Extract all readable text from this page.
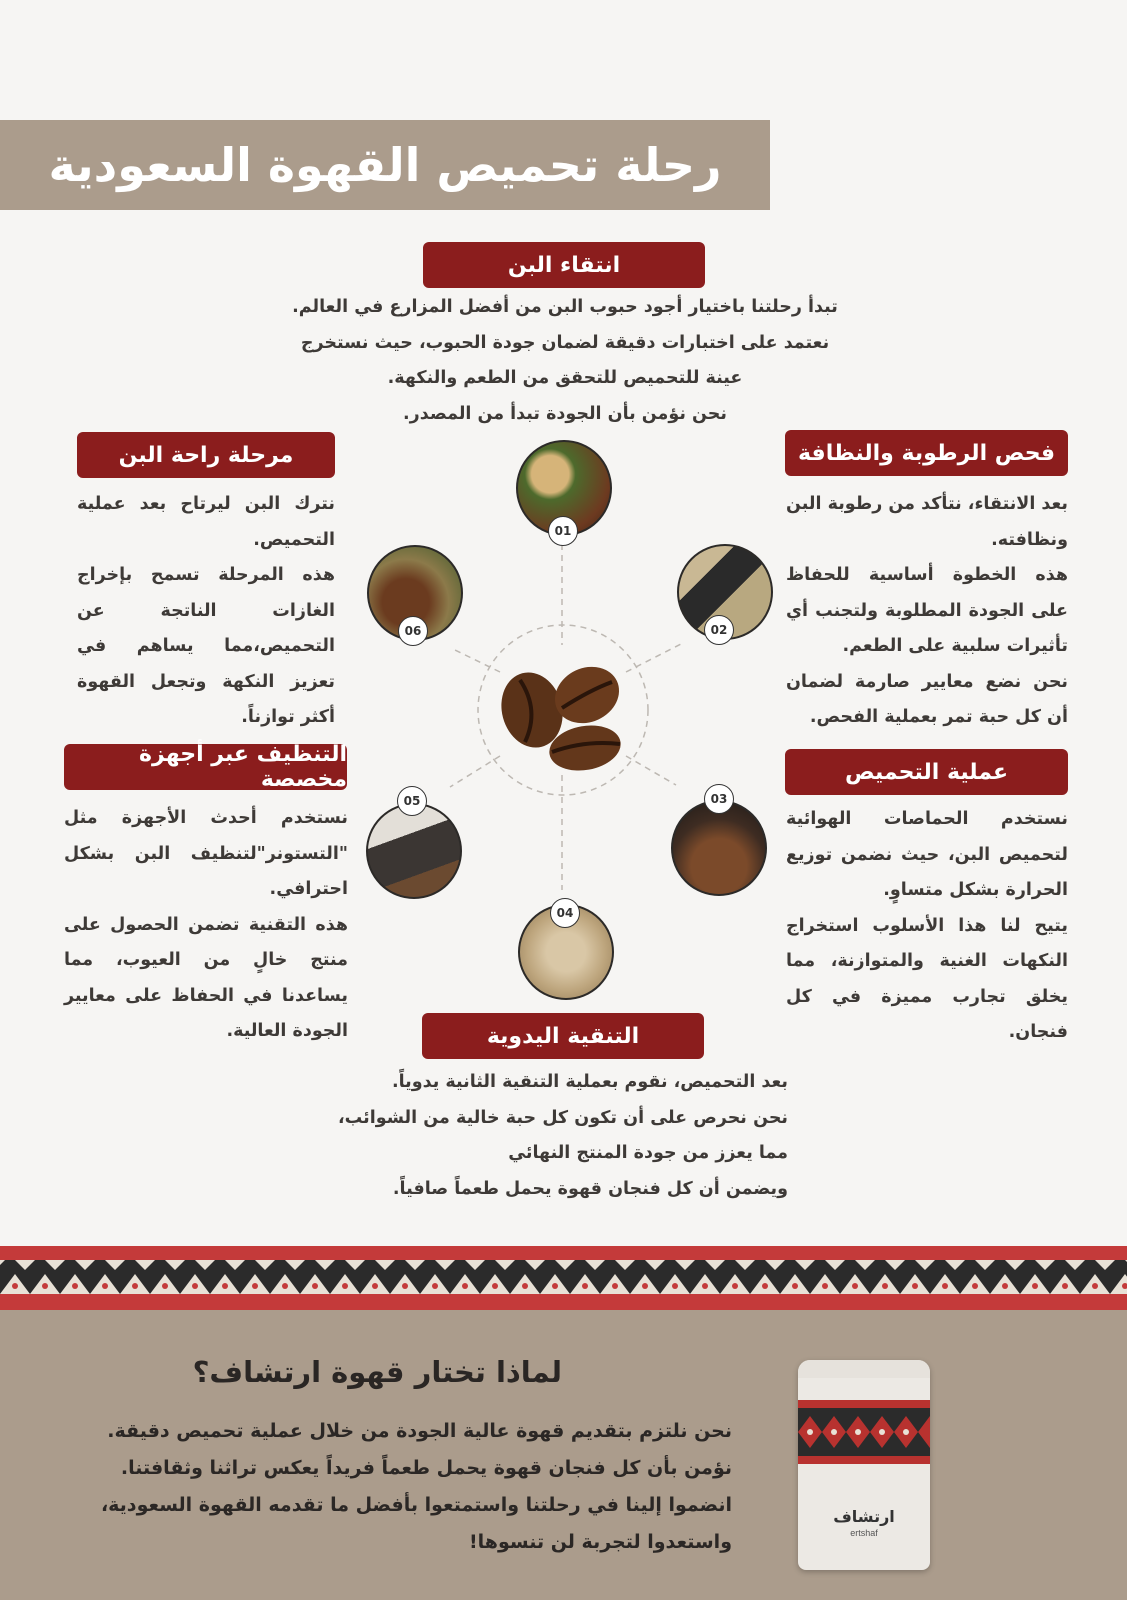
رحلة تحميص القهوة السعودية
01
02
03
04
05
06
انتقاء البن

تبدأ رحلتنا باختيار أجود حبوب البن من أفضل المزارع في العالم.

نعتمد على اختبارات دقيقة لضمان جودة الحبوب، حيث نستخرج

عينة للتحميص للتحقق من الطعم والنكهة.

نحن نؤمن بأن الجودة تبدأ من المصدر.

فحص الرطوبة والنظافة

بعد الانتقاء، نتأكد من رطوبة البن ونظافته.

هذه الخطوة أساسية للحفاظ على الجودة المطلوبة ولتجنب أي تأثيرات سلبية على الطعم.

نحن نضع معايير صارمة لضمان أن كل حبة تمر بعملية الفحص.

عملية التحميص

نستخدم الحماصات الهوائية لتحميص البن، حيث نضمن توزيع الحرارة بشكل متساوٍ.

يتيح لنا هذا الأسلوب استخراج النكهات الغنية والمتوازنة، مما يخلق تجارب مميزة في كل فنجان.

التنقية اليدوية

بعد التحميص، نقوم بعملية التنقية الثانية يدوياً.

نحن نحرص على أن تكون كل حبة خالية من الشوائب، مما يعزز من جودة المنتج النهائي

ويضمن أن كل فنجان قهوة يحمل طعماً صافياً.

التنظيف عبر أجهزة مخصصة

نستخدم أحدث الأجهزة مثل "التستونر"لتنظيف البن بشكل احترافي.

هذه التقنية تضمن الحصول على منتج خالٍ من العيوب، مما يساعدنا في الحفاظ على معايير الجودة العالية.

مرحلة راحة البن

نترك البن ليرتاح بعد عملية التحميص.

هذه المرحلة تسمح بإخراج الغازات الناتجة عن التحميص،مما يساهم في تعزيز النكهة وتجعل القهوة أكثر توازناً.

لماذا تختار قهوة ارتشاف؟

نحن نلتزم بتقديم قهوة عالية الجودة من خلال عملية تحميص دقيقة.

نؤمن بأن كل فنجان قهوة يحمل طعماً فريداً يعكس تراثنا وثقافتنا.

انضموا إلينا في رحلتنا واستمتعوا بأفضل ما تقدمه القهوة السعودية،

واستعدوا لتجربة لن تنسوها!

ارتشاف
ertshaf
